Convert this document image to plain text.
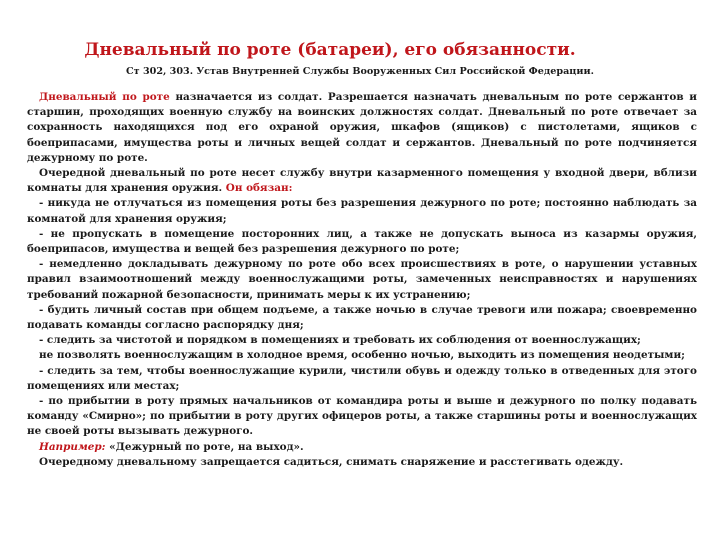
Дневальный по роте (батареи), его обязанности.
Ст 302, 303. Устав Внутренней Службы Вооруженных Сил Российской Федерации.

Дневальный по роте назначается из солдат. Разрешается назначать дневальным по роте сержантов и старшин, проходящих военную службу на воинских должностях солдат. Дневальный по роте отвечает за сохранность находящихся под его охраной оружия, шкафов (ящиков) с пистолетами, ящиков с боеприпасами, имущества роты и личных вещей солдат и сержантов. Дневальный по роте подчиняется дежурному по роте.

Очередной дневальный по роте несет службу внутри казарменного помещения у входной двери, вблизи комнаты для хранения оружия. Он обязан:

- никуда не отлучаться из помещения роты без разрешения дежурного по роте; постоянно наблюдать за комнатой для хранения оружия;

- не пропускать в помещение посторонних лиц, а также не допускать выноса из казармы оружия, боеприпасов, имущества и вещей без разрешения дежурного по роте;

- немедленно докладывать дежурному по роте обо всех происшествиях в роте, о нарушении уставных правил взаимоотношений между военнослужащими роты, замеченных неисправностях и нарушениях требований пожарной безопасности, принимать меры к их устранению;

- будить личный состав при общем подъеме, а также ночью в случае тревоги или пожара; своевременно подавать команды согласно распорядку дня;

- следить за чистотой и порядком в помещениях и требовать их соблюдения от военнослужащих;

не позволять военнослужащим в холодное время, особенно ночью, выходить из помещения неодетыми;

- следить за тем, чтобы военнослужащие курили, чистили обувь и одежду только в отведенных для этого помещениях или местах;

- по прибытии в роту прямых начальников от командира роты и выше и дежурного по полку подавать команду «Смирно»; по прибытии в роту других офицеров роты, а также старшины роты и военнослужащих не своей роты вызывать дежурного.

Например: «Дежурный по роте, на выход».

Очередному дневальному запрещается садиться, снимать снаряжение и расстегивать одежду.
